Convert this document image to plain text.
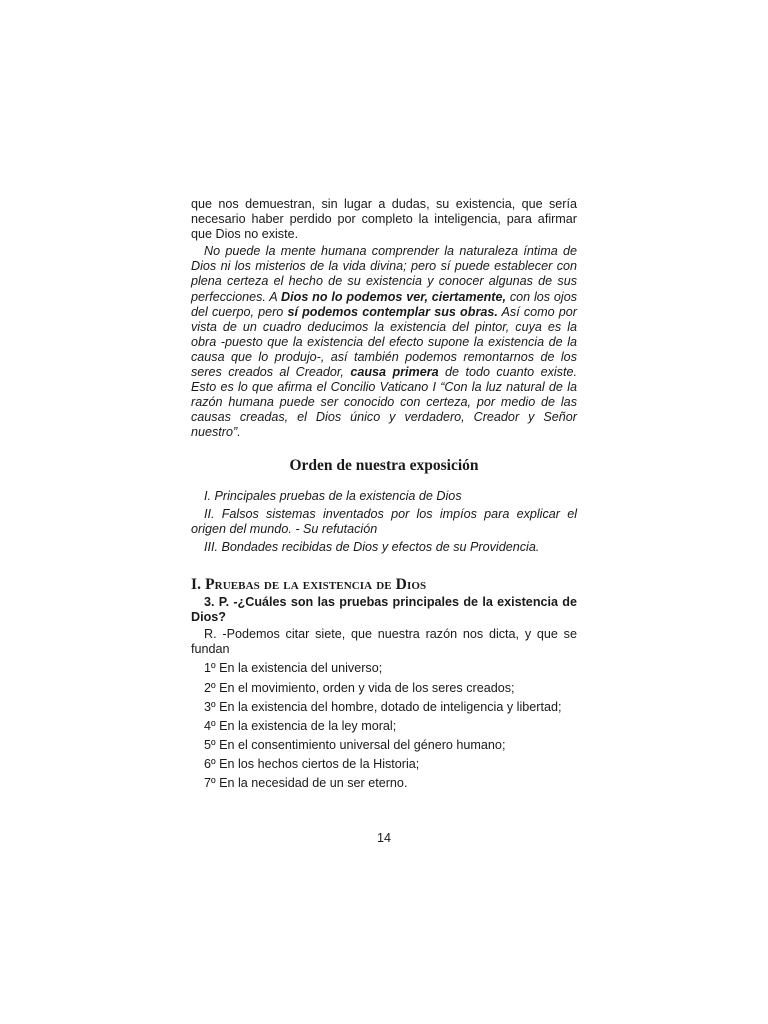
que nos demuestran, sin lugar a dudas, su existencia, que sería necesario haber perdido por completo la inteligencia, para afirmar que Dios no existe.

No puede la mente humana comprender la naturaleza íntima de Dios ni los misterios de la vida divina; pero sí puede establecer con plena certeza el hecho de su existencia y conocer algunas de sus perfecciones. A Dios no lo podemos ver, ciertamente, con los ojos del cuerpo, pero sí podemos contemplar sus obras. Así como por vista de un cuadro deducimos la existencia del pintor, cuya es la obra -puesto que la existencia del efecto supone la existencia de la causa que lo produjo-, así también podemos remontarnos de los seres creados al Creador, causa primera de todo cuanto existe. Esto es lo que afirma el Concilio Vaticano I “Con la luz natural de la razón humana puede ser conocido con certeza, por medio de las causas creadas, el Dios único y verdadero, Creador y Señor nuestro”.

Orden de nuestra exposición
I. Principales pruebas de la existencia de Dios
II. Falsos sistemas inventados por los impíos para explicar el origen del mundo. - Su refutación
III. Bondades recibidas de Dios y efectos de su Providencia.
I. Pruebas de la existencia de Dios

3. P. -¿Cuáles son las pruebas principales de la existencia de Dios?

R. -Podemos citar siete, que nuestra razón nos dicta, y que se fundan

1º En la existencia del universo;
2º En el movimiento, orden y vida de los seres creados;
3º En la existencia del hombre, dotado de inteligencia y libertad;
4º En la existencia de la ley moral;
5º En el consentimiento universal del género humano;
6º En los hechos ciertos de la Historia;
7º En la necesidad de un ser eterno.
14
